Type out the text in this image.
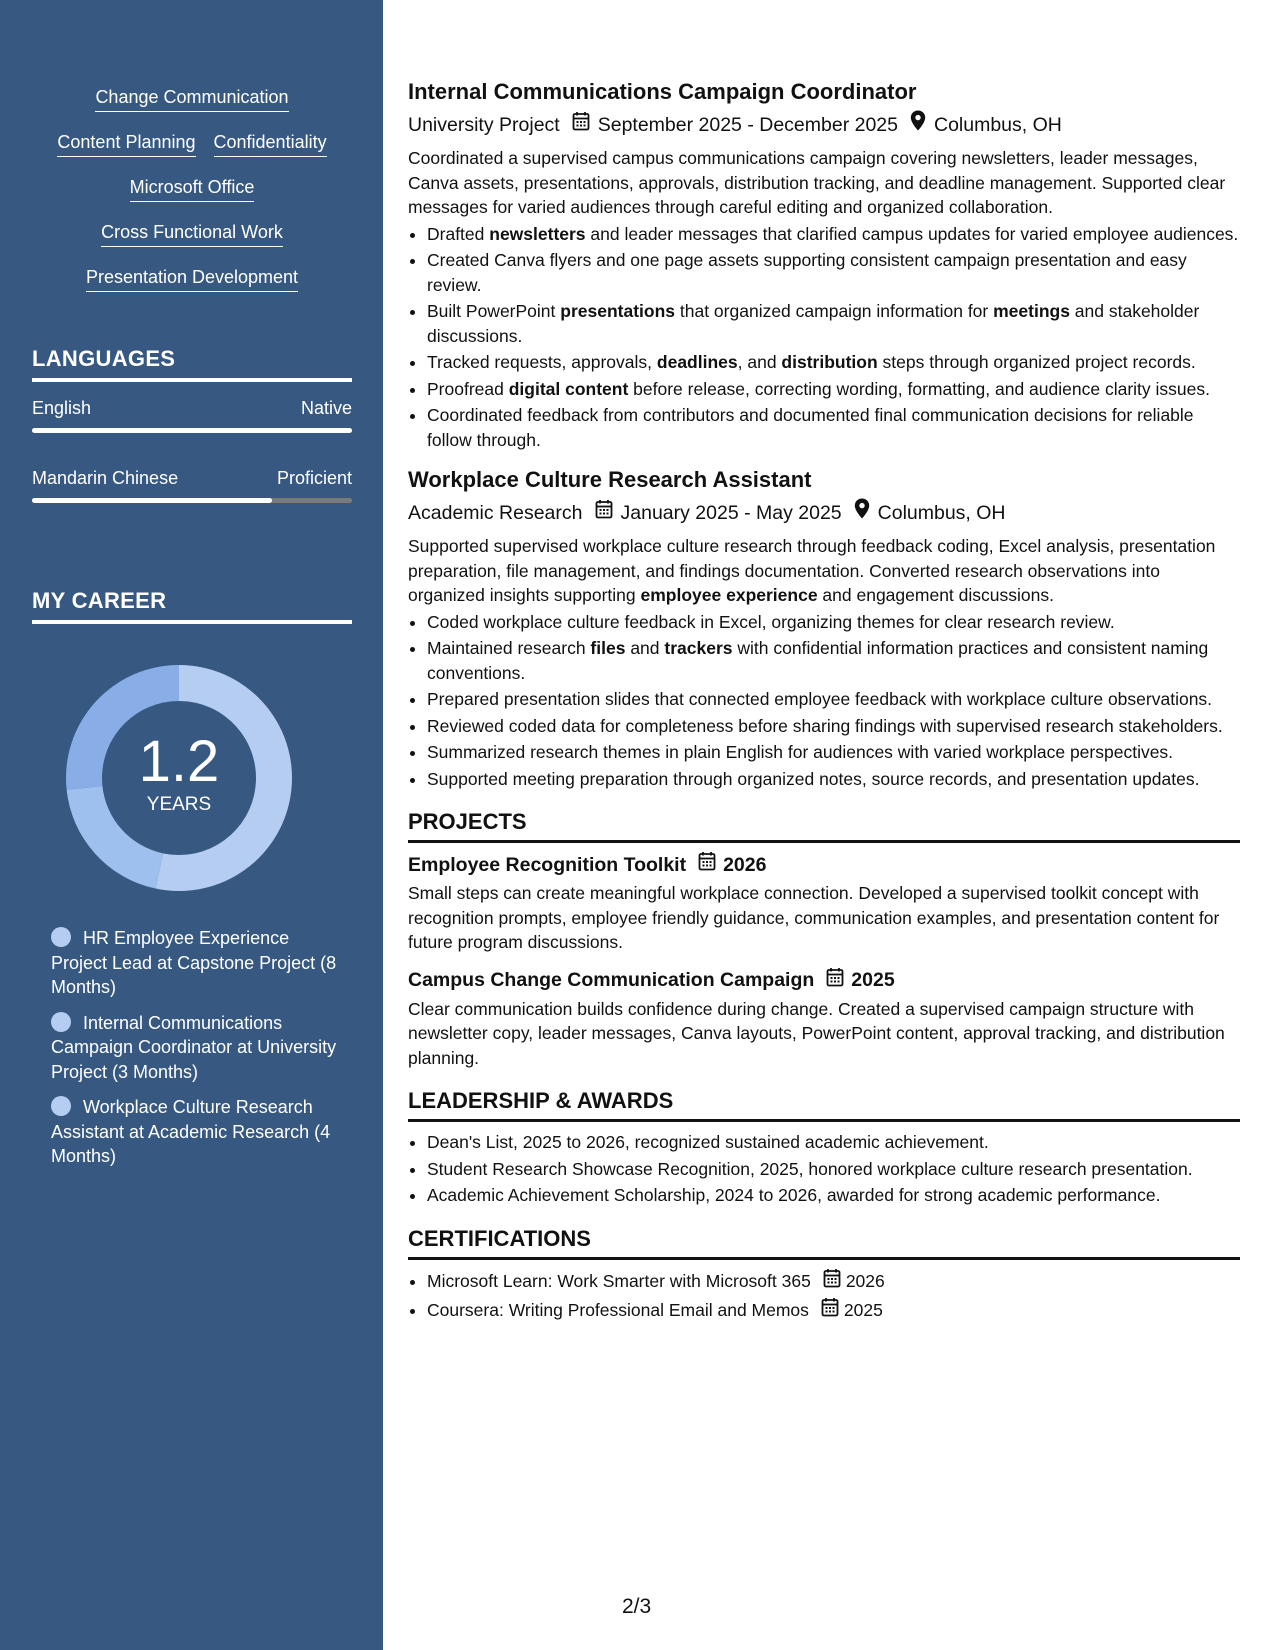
Change Communication
Content Planning Confidentiality
Microsoft Office
Cross Functional Work
Presentation Development
LANGUAGES
English	Native
Mandarin Chinese	Proficient
MY CAREER
1.2
YEARS
HR Employee Experience Project Lead at Capstone Project (8 Months)
Internal Communications Campaign Coordinator at University Project (3 Months)
Workplace Culture Research Assistant at Academic Research (4 Months)
Internal Communications Campaign Coordinator
University Project September 2025 - December 2025 Columbus, OH
Coordinated a supervised campus communications campaign covering newsletters, leader messages, Canva assets, presentations, approvals, distribution tracking, and deadline management. Supported clear messages for varied audiences through careful editing and organized collaboration.
• Drafted newsletters and leader messages that clarified campus updates for varied employee audiences.
• Created Canva flyers and one page assets supporting consistent campaign presentation and easy review.
• Built PowerPoint presentations that organized campaign information for meetings and stakeholder discussions.
• Tracked requests, approvals, deadlines, and distribution steps through organized project records.
• Proofread digital content before release, correcting wording, formatting, and audience clarity issues.
• Coordinated feedback from contributors and documented final communication decisions for reliable follow through.
Workplace Culture Research Assistant
Academic Research January 2025 - May 2025 Columbus, OH
Supported supervised workplace culture research through feedback coding, Excel analysis, presentation preparation, file management, and findings documentation. Converted research observations into organized insights supporting employee experience and engagement discussions.
• Coded workplace culture feedback in Excel, organizing themes for clear research review.
• Maintained research files and trackers with confidential information practices and consistent naming conventions.
• Prepared presentation slides that connected employee feedback with workplace culture observations.
• Reviewed coded data for completeness before sharing findings with supervised research stakeholders.
• Summarized research themes in plain English for audiences with varied workplace perspectives.
• Supported meeting preparation through organized notes, source records, and presentation updates.
PROJECTS
Employee Recognition Toolkit 2026
Small steps can create meaningful workplace connection. Developed a supervised toolkit concept with recognition prompts, employee friendly guidance, communication examples, and presentation content for future program discussions.
Campus Change Communication Campaign 2025
Clear communication builds confidence during change. Created a supervised campaign structure with newsletter copy, leader messages, Canva layouts, PowerPoint content, approval tracking, and distribution planning.
LEADERSHIP & AWARDS
• Dean's List, 2025 to 2026, recognized sustained academic achievement.
• Student Research Showcase Recognition, 2025, honored workplace culture research presentation.
• Academic Achievement Scholarship, 2024 to 2026, awarded for strong academic performance.
CERTIFICATIONS
• Microsoft Learn: Work Smarter with Microsoft 365 2026
• Coursera: Writing Professional Email and Memos 2025
2/3
